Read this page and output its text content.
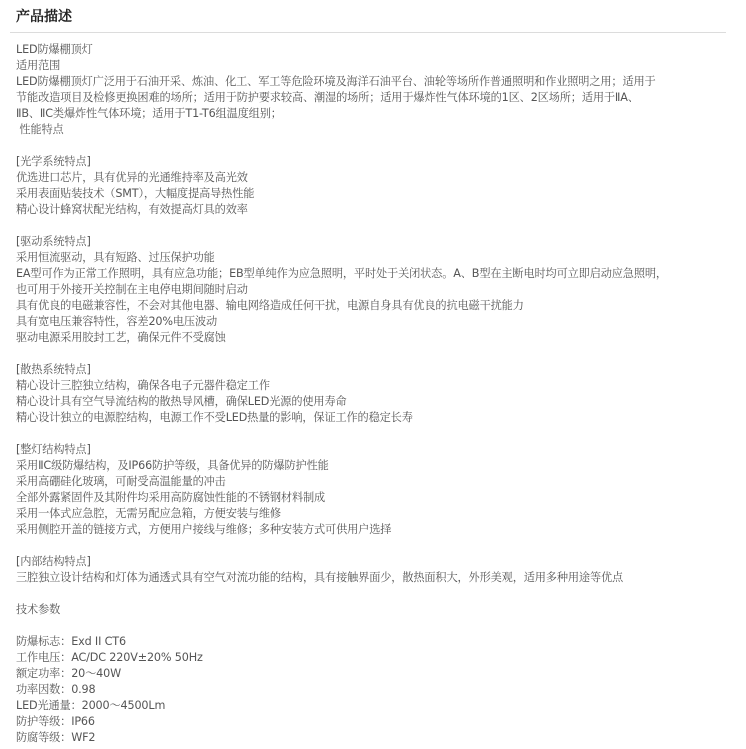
产品描述
LED防爆棚顶灯
适用范围
LED防爆棚顶灯广泛用于石油开采、炼油、化工、军工等危险环境及海洋石油平台、油轮等场所作普通照明和作业照明之用；适用于
节能改造项目及检修更换困难的场所；适用于防护要求较高、潮湿的场所；适用于爆炸性气体环境的1区、2区场所；适用于ⅡA、
ⅡB、ⅡC类爆炸性气体环境；适用于T1-T6组温度组别；
性能特点
[光学系统特点]
优选进口芯片，具有优异的光通维持率及高光效
采用表面贴装技术（SMT），大幅度提高导热性能
精心设计蜂窝状配光结构，有效提高灯具的效率
[驱动系统特点]
采用恒流驱动，具有短路、过压保护功能
EA型可作为正常工作照明，具有应急功能；EB型单纯作为应急照明，平时处于关闭状态。A、B型在主断电时均可立即启动应急照明，
也可用于外接开关控制在主电停电期间随时启动
具有优良的电磁兼容性，不会对其他电器、输电网络造成任何干扰，电源自身具有优良的抗电磁干扰能力
具有宽电压兼容特性，容差20%电压波动
驱动电源采用胶封工艺，确保元件不受腐蚀
[散热系统特点]
精心设计三腔独立结构，确保各电子元器件稳定工作
精心设计具有空气导流结构的散热导风槽，确保LED光源的使用寿命
精心设计独立的电源腔结构，电源工作不受LED热量的影响，保证工作的稳定长寿
[整灯结构特点]
采用ⅡC级防爆结构，及IP66防护等级，具备优异的防爆防护性能
采用高硼硅化玻璃，可耐受高温能量的冲击
全部外露紧固件及其附件均采用高防腐蚀性能的不锈钢材料制成
采用一体式应急腔，无需另配应急箱，方便安装与维修
采用侧腔开盖的链接方式，方便用户接线与维修；多种安装方式可供用户选择
[内部结构特点]
三腔独立设计结构和灯体为通透式具有空气对流功能的结构，具有接触界面少，散热面积大，外形美观，适用多种用途等优点
技术参数
防爆标志：Exd II CT6
工作电压：AC/DC 220V±20% 50Hz
额定功率：20～40W
功率因数：0.98
LED光通量：2000～4500Lm
防护等级：IP66
防腐等级：WF2
